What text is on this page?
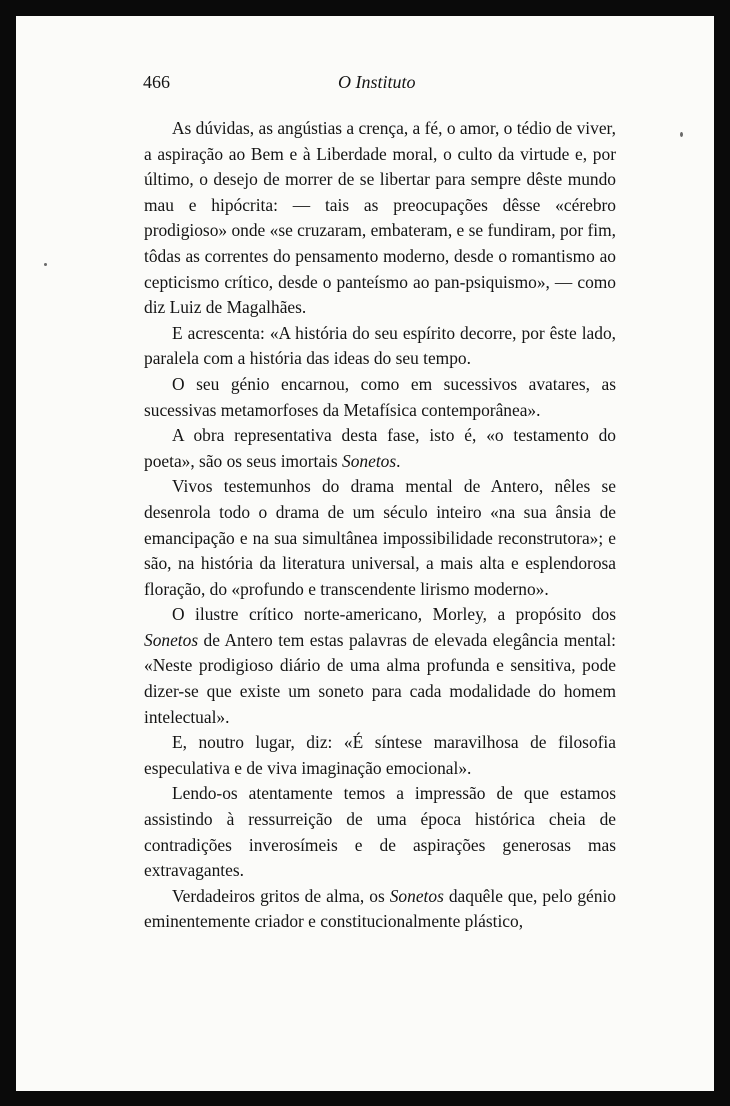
466	O Instituto

As dúvidas, as angústias a crença, a fé, o amor, o tédio de viver, a aspiração ao Bem e à Liberdade moral, o culto da virtude e, por último, o desejo de morrer de se libertar para sempre dêste mundo mau e hipócrita: — tais as preocupações dêsse «cérebro prodigioso» onde «se cruzaram, embateram, e se fundiram, por fim, tôdas as correntes do pensamento moderno, desde o romantismo ao cepticismo crítico, desde o panteísmo ao pan-psiquismo», — como diz Luiz de Magalhães.

E acrescenta: «A história do seu espírito decorre, por êste lado, paralela com a história das ideas do seu tempo.

O seu génio encarnou, como em sucessivos avatares, as sucessivas metamorfoses da Metafísica contemporânea».

A obra representativa desta fase, isto é, «o testamento do poeta», são os seus imortais Sonetos.

Vivos testemunhos do drama mental de Antero, nêles se desenrola todo o drama de um século inteiro «na sua ânsia de emancipação e na sua simultânea impossibilidade reconstrutora»; e são, na história da literatura universal, a mais alta e esplendorosa floração, do «profundo e transcendente lirismo moderno».

O ilustre crítico norte-americano, Morley, a propósito dos Sonetos de Antero tem estas palavras de elevada elegância mental: «Neste prodigioso diário de uma alma profunda e sensitiva, pode dizer-se que existe um soneto para cada modalidade do homem intelectual».

E, noutro lugar, diz: «É síntese maravilhosa de filosofia especulativa e de viva imaginação emocional».

Lendo-os atentamente temos a impressão de que estamos assistindo à ressurreição de uma época histórica cheia de contradições inverosímeis e de aspirações generosas mas extravagantes.

Verdadeiros gritos de alma, os Sonetos daquêle que, pelo génio eminentemente criador e constitucionalmente plástico,
